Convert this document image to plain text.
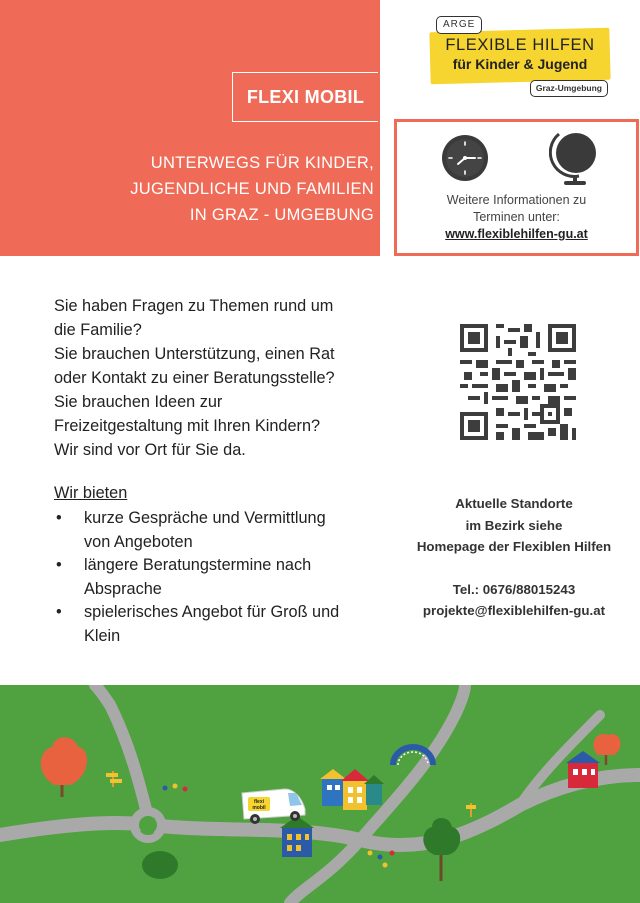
FLEXI MOBIL
UNTERWEGS FÜR KINDER,
JUGENDLICHE UND FAMILIEN
IN GRAZ - UMGEBUNG
ARGE
FLEXIBLE HILFEN
für Kinder & Jugend
Graz-Umgebung
Weitere Informationen zu
Terminen unter:
www.flexiblehilfen-gu.at
Sie haben Fragen zu Themen rund um
die Familie?
Sie brauchen Unterstützung, einen Rat
oder Kontakt zu einer Beratungsstelle?
Sie brauchen Ideen zur
Freizeitgestaltung mit Ihren Kindern?
Wir sind vor Ort für Sie da.
Wir bieten
• kurze Gespräche und Vermittlung
von Angeboten
• längere Beratungstermine nach
Absprache
• spielerisches Angebot für Groß und
Klein
Aktuelle Standorte
im Bezirk siehe
Homepage der Flexiblen Hilfen
Tel.: 0676/88015243
projekte@flexiblehilfen-gu.at
flexi
mobil
